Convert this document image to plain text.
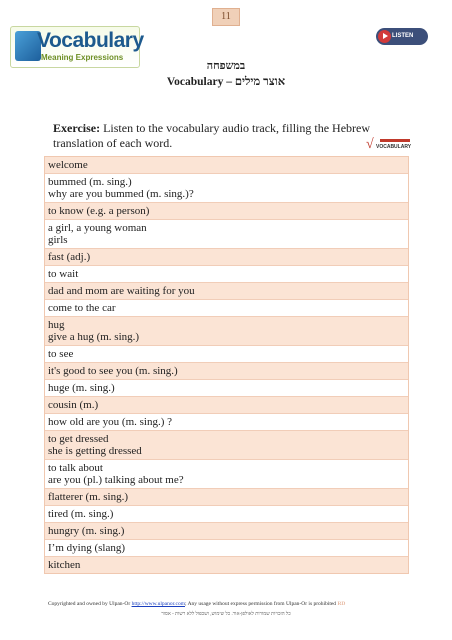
11
Vocabulary
Meaning Expressions
LISTEN NOW
במשפחה
Vocabulary – אוצר מילים
Exercise: Listen to the vocabulary audio track, filling the Hebrew translation of each word.	√ VOCABULARY
welcome
bummed (m. sing.)
why are you bummed (m. sing.)?
to know (e.g. a person)
a girl, a young woman
girls
fast (adj.)
to wait
dad and mom are waiting for you
come to the car
hug
give a hug (m. sing.)
to see
it's good to see you (m. sing.)
huge (m. sing.)
cousin (m.)
how old are you (m. sing.) ?
to get dressed
she is getting dressed
to talk about
are you (pl.) talking about me?
flatterer (m. sing.)
tired (m. sing.)
hungry (m. sing.)
I’m dying (slang)
kitchen
Copyrighted and owned by Ulpan-Or http://www.ulpanor.com; Any usage without express permission from Ulpan-Or is prohibited RD
כל הזכויות שמורות לאולפן-אור. כל שימוש, ושכפול ללא רשות - אסור
